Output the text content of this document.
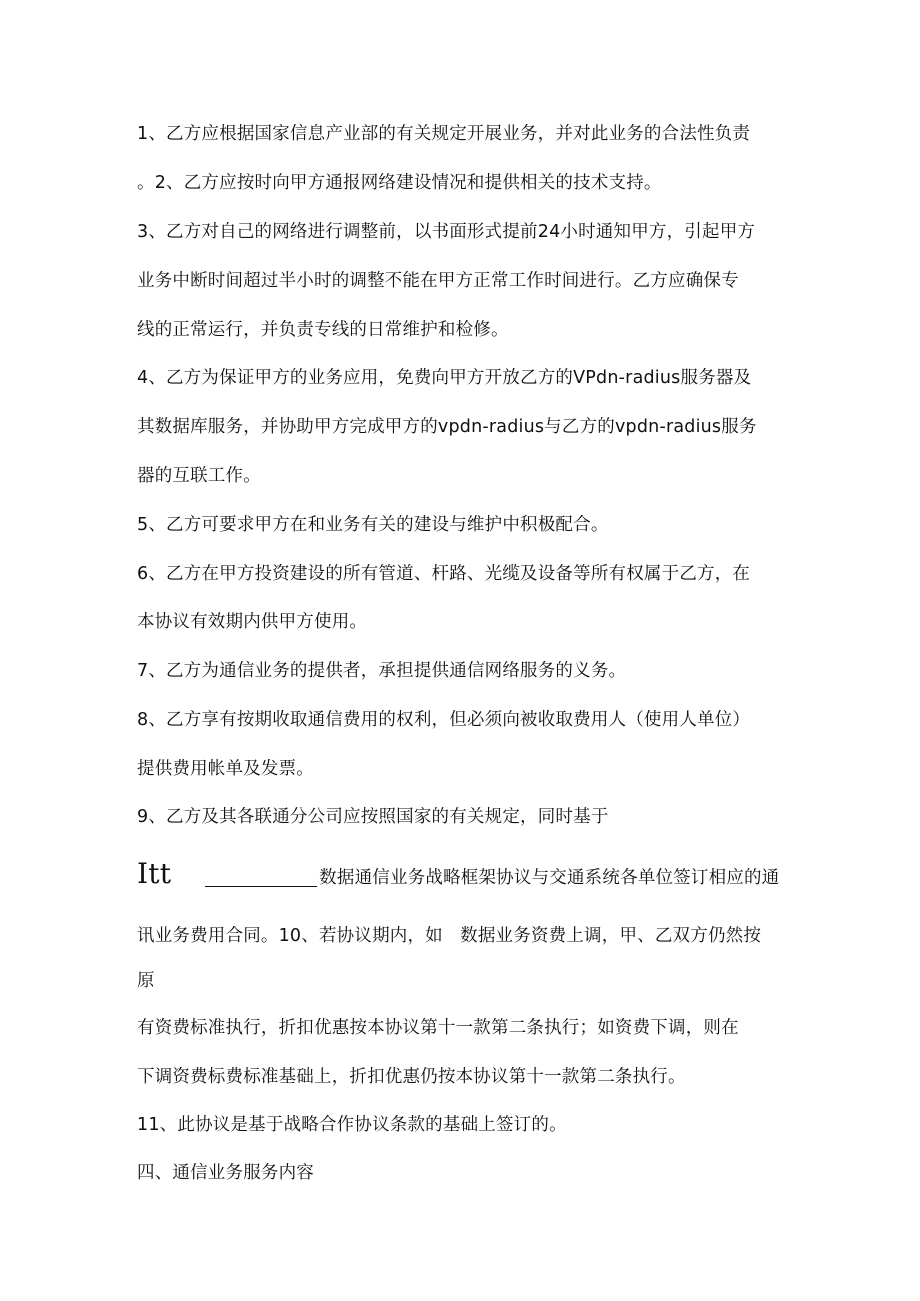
1、乙方应根据国家信息产业部的有关规定开展业务，并对此业务的合法性负责
。2、乙方应按时向甲方通报网络建设情况和提供相关的技术支持。
3、乙方对自己的网络进行调整前，以书面形式提前24小时通知甲方，引起甲方
业务中断时间超过半小时的调整不能在甲方正常工作时间进行。乙方应确保专
线的正常运行，并负责专线的日常维护和检修。
4、乙方为保证甲方的业务应用，免费向甲方开放乙方的VPdn-radius服务器及
其数据库服务，并协助甲方完成甲方的vpdn-radius与乙方的vpdn-radius服务
器的互联工作。
5、乙方可要求甲方在和业务有关的建设与维护中积极配合。
6、乙方在甲方投资建设的所有管道、杆路、光缆及设备等所有权属于乙方，在
本协议有效期内供甲方使用。
7、乙方为通信业务的提供者，承担提供通信网络服务的义务。
8、乙方享有按期收取通信费用的权利，但必须向被收取费用人（使用人单位）
提供费用帐单及发票。
9、乙方及其各联通分公司应按照国家的有关规定，同时基于
Itt	数据通信业务战略框架协议与交通系统各单位签订相应的通
讯业务费用合同。10、若协议期内，如   数据业务资费上调，甲、乙双方仍然按
原
有资费标准执行，折扣优惠按本协议第十一款第二条执行；如资费下调，则在
下调资费标费标准基础上，折扣优惠仍按本协议第十一款第二条执行。
11、此协议是基于战略合作协议条款的基础上签订的。
四、通信业务服务内容
